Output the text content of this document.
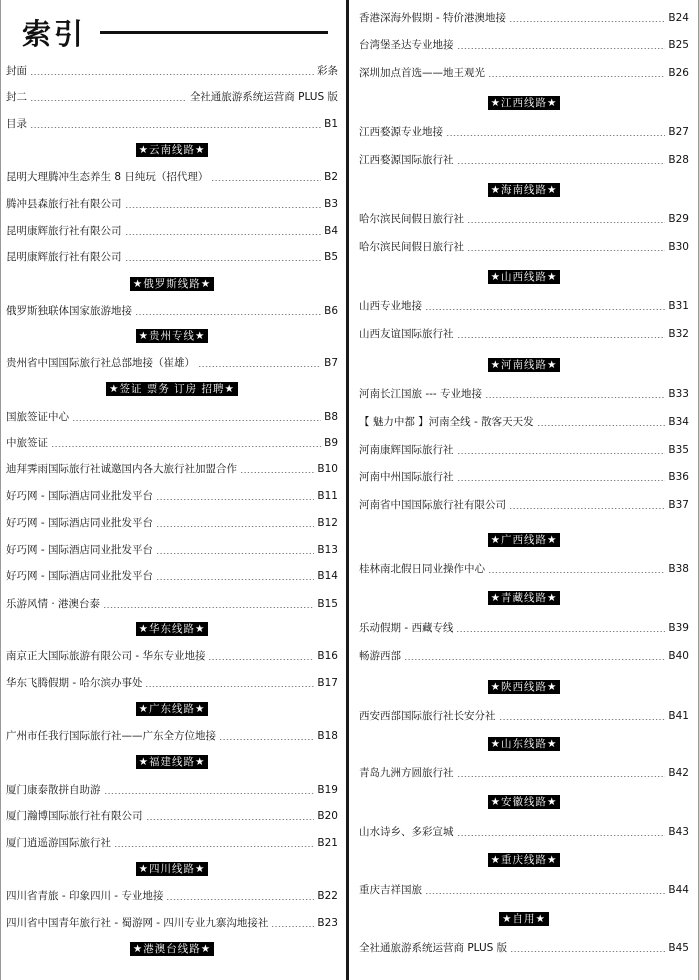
索引
封面	彩条
封二	全社通旅游系统运营商 PLUS 版
目录	B1
★云南线路★
昆明大理腾冲生态养生 8 日纯玩（招代理）	B2
腾冲县森旅行社有限公司	B3
昆明康辉旅行社有限公司	B4
昆明康辉旅行社有限公司	B5
★俄罗斯线路★
俄罗斯独联体国家旅游地接	B6
★贵州专线★
贵州省中国国际旅行社总部地接（崔雄）	B7
★签证 票务 订房 招聘★
国旅签证中心	B8
中旅签证	B9
迪拜霁雨国际旅行社诚邀国内各大旅行社加盟合作	B10
好巧网 - 国际酒店同业批发平台	B11
好巧网 - 国际酒店同业批发平台	B12
好巧网 - 国际酒店同业批发平台	B13
好巧网 - 国际酒店同业批发平台	B14
乐游风情 · 港澳台泰	B15
★华东线路★
南京正大国际旅游有限公司 - 华东专业地接	B16
华东飞腾假期 - 哈尔滨办事处	B17
★广东线路★
广州市任我行国际旅行社——广东全方位地接	B18
★福建线路★
厦门康泰散拼自助游	B19
厦门瀚博国际旅行社有限公司	B20
厦门逍遥游国际旅行社	B21
★四川线路★
四川省青旅 - 印象四川 - 专业地接	B22
四川省中国青年旅行社 - 蜀游网 - 四川专业九寨沟地接社	B23
★港澳台线路★
香港深海外假期 - 特价港澳地接	B24
台湾堡圣达专业地接	B25
深圳加点首选——地王观光	B26
★江西线路★
江西婺源专业地接	B27
江西婺源国际旅行社	B28
★海南线路★
哈尔滨民间假日旅行社	B29
哈尔滨民间假日旅行社	B30
★山西线路★
山西专业地接	B31
山西友谊国际旅行社	B32
★河南线路★
河南长江国旅 --- 专业地接	B33
【 魅力中都 】河南全线 - 散客天天发	B34
河南康辉国际旅行社	B35
河南中州国际旅行社	B36
河南省中国国际旅行社有限公司	B37
★广西线路★
桂林南北假日同业操作中心	B38
★青藏线路★
乐动假期 - 西藏专线	B39
畅游西部	B40
★陕西线路★
西安西部国际旅行社长安分社	B41
★山东线路★
青岛九洲方圆旅行社	B42
★安徽线路★
山水诗乡、多彩宣城	B43
★重庆线路★
重庆吉祥国旅	B44
★自用★
全社通旅游系统运营商 PLUS 版	B45
